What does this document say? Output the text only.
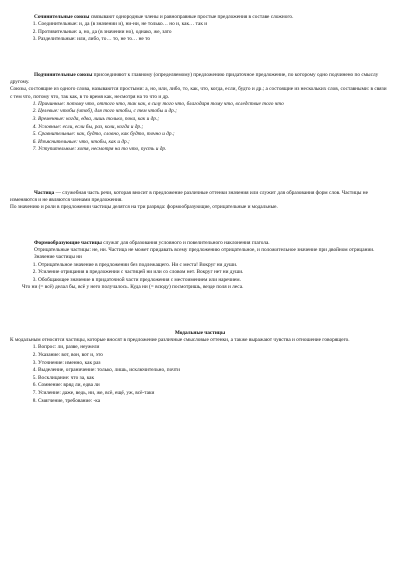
Сочинительные союзы связывают однородные члены и равноправные простые предложения в составе сложного.

1. Соединительные: и, да (в значении и), ни-ни, не только… но и, как… так и
2. Противительные: а, но, да (в значении но), однако, же, зато
3. Разделительные: или, либо, то… то, не то… не то

Подчинительные союзы присоединяют к главному (определяемому) предложению придаточное предложение, по которому одно подчинено по смыслу другому.

Союзы, состоящие из одного слова, называются простыми: а, но, или, либо, то, как, что, когда, если, будто и др.; а состоящие из нескольких слов, составными: в связи с тем что, потому что, так как, в то время как, несмотря на то что и др.

1. Причинные: потому что, оттого что, так как, в силу того что, благодаря тому что, вследствие того что
2. Целевые: чтобы (чтоб), для того чтобы, с тем чтобы и др.;
3. Временные: когда, едва, лишь только, пока, как и др.;
4. Условные: если, если бы, раз, коли, когда и др.;
5. Сравнительные: как, будто, словно, как будто, точно и др.;
6. Изъяснительные: что, чтобы, как и др.;
7. Уступительные: хотя, несмотря на то что, пусть и др.

Частица — служебная часть речи, которая вносит в предложение различные оттенки значения или служит для образования форм слов. Частицы не изменяются и не являются членами предложения.

По значению и роли в предложении частицы делятся на три разряда: формообразующие, отрицательные и модальные.

Формообразующие частицы служат для образования условного и повелительного наклонения глагола.

Отрицательные частицы: не, ни. Частица не может придавать всему предложению отрицательное, и положительное значение при двойном отрицании.

Значение частицы ни

1. Отрицательное значение в предложении без подлежащего. Ни с места! Вокруг ни души.
2. Усиление отрицания в предложении с частицей ни или со словом нет. Вокруг нет ни души.
3. Обобщающее значение в придаточной части предложения с местоимением или наречием.

Что ни (= всё) делал бы, всё у него получалось. Куда ни (= всюду) посмотришь, везде поля и леса.

Модальные частицы

К модальным относятся частицы, которые вносят в предложение различные смысловые оттенки, а также выражают чувства и отношение говорящего.

1. Вопрос: ли, разве, неужели
2. Указание: вот, вон, вот и, это
3. Уточнение: именно, как раз
4. Выделение, ограничение: только, лишь, исключительно, почти
5. Восклицание: что за, как
6. Сомнение: вряд ли, едва ли
7. Усиление: даже, ведь, ни, же, всё, ещё, уж, всё-таки
8. Смягчение, требование: -ка
